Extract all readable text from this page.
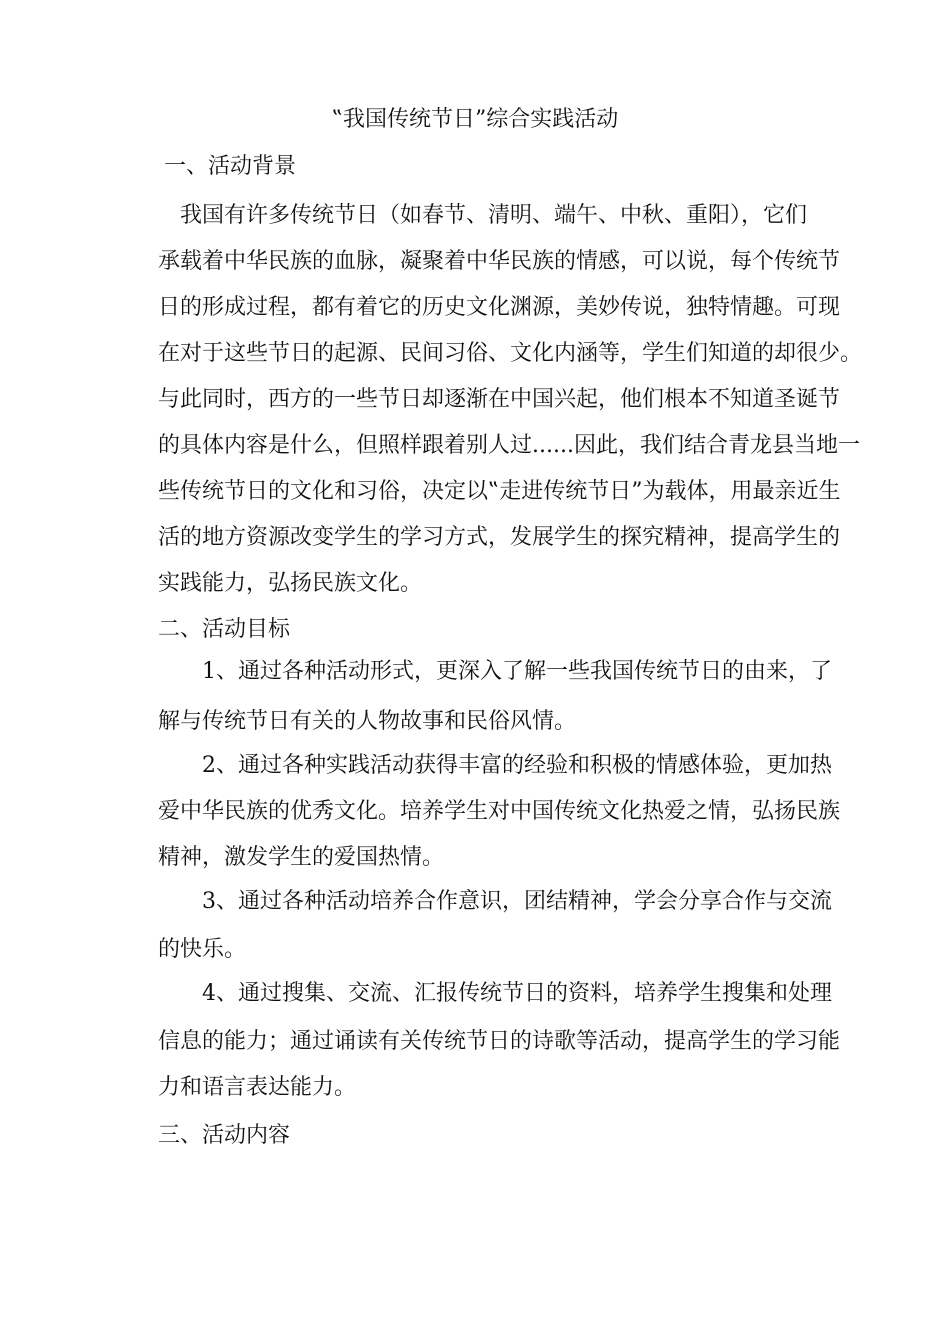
‟我国传统节日”综合实践活动
一、活动背景
　我国有许多传统节日（如春节、清明、端午、中秋、重阳），它们
承载着中华民族的血脉，凝聚着中华民族的情感，可以说，每个传统节
日的形成过程，都有着它的历史文化渊源，美妙传说，独特情趣。可现
在对于这些节日的起源、民间习俗、文化内涵等，学生们知道的却很少。
与此同时，西方的一些节日却逐渐在中国兴起，他们根本不知道圣诞节
的具体内容是什么，但照样跟着别人过......因此，我们结合青龙县当地一
些传统节日的文化和习俗，决定以‟走进传统节日”为载体，用最亲近生
活的地方资源改变学生的学习方式，发展学生的探究精神，提高学生的
实践能力，弘扬民族文化。
二、活动目标
　　1、通过各种活动形式，更深入了解一些我国传统节日的由来，了
解与传统节日有关的人物故事和民俗风情。
　　2、通过各种实践活动获得丰富的经验和积极的情感体验，更加热
爱中华民族的优秀文化。培养学生对中国传统文化热爱之情，弘扬民族
精神，激发学生的爱国热情。
　　3、通过各种活动培养合作意识，团结精神，学会分享合作与交流
的快乐。
　　4、通过搜集、交流、汇报传统节日的资料，培养学生搜集和处理
信息的能力；通过诵读有关传统节日的诗歌等活动，提高学生的学习能
力和语言表达能力。
三、活动内容
